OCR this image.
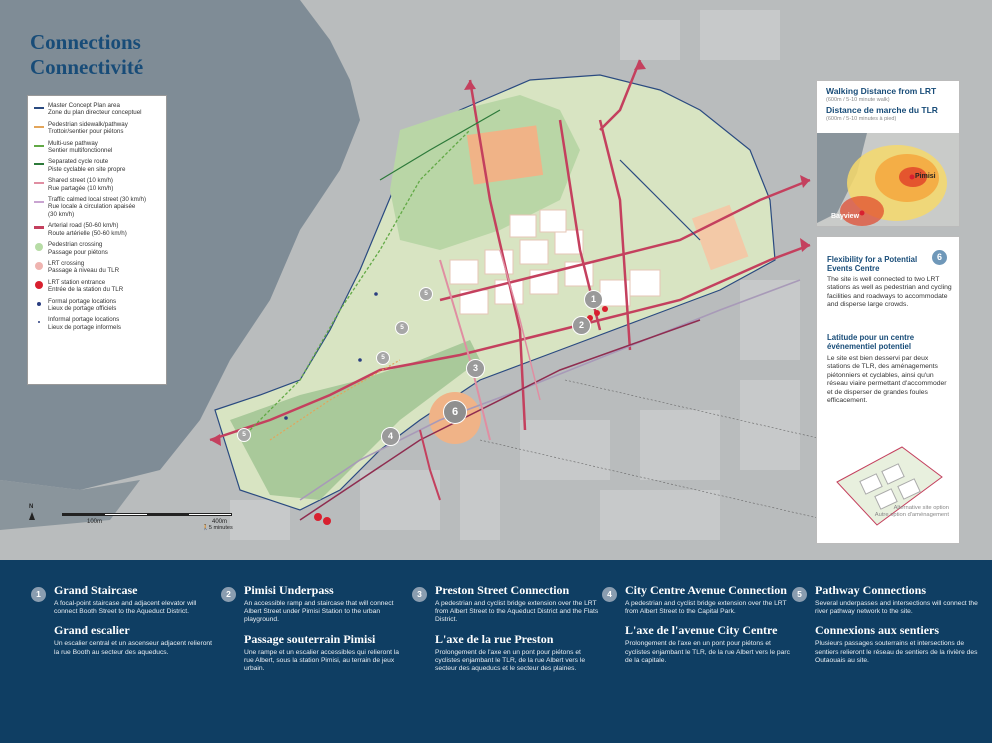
Connections
Connectivité
Master Concept Plan area
Zone du plan directeur conceptuel
Pedestrian sidewalk/pathway
Trottoir/sentier pour piétons
Multi-use pathway
Sentier multifonctionnel
Separated cycle route
Piste cyclable en site propre
Shared street (10 km/h)
Rue partagée (10 km/h)
Traffic calmed local street (30 km/h)
Rue locale à circulation apaisée
(30 km/h)
Arterial road (50-60 km/h)
Route artérielle (50-60 km/h)
Pedestrian crossing
Passage pour piétons
LRT crossing
Passage à niveau du TLR
LRT station entrance
Entrée de la station du TLR
Formal portage locations
Lieux de portage officiels
Informal portage locations
Lieux de portage informels
1
2
3
4
6
5
5
5
5
Walking Distance from LRT
(600m / 5-10 minute walk)
Distance de marche du TLR
(600m / 5-10 minutes à pied)
Pimisi
Bayview
6
Flexibility for a Potential Events Centre
The site is well connected to two LRT stations as well as pedestrian and cycling facilities and roadways to accommodate and disperse large crowds.
Latitude pour un centre événementiel potentiel
Le site est bien desservi par deux stations de TLR, des aménagements piétonniers et cyclables, ainsi qu'un réseau viaire permettant d'accommoder et de disperser de grandes foules efficacement.
Alternative site option
Autre option d'aménagement
N
100m	400m
🚶5 minutes
1	Grand Staircase
A focal-point staircase and adjacent elevator will connect Booth Street to the Aqueduct District.
Grand escalier
Un escalier central et un ascenseur adjacent relieront la rue Booth au secteur des aqueducs.
2	Pimisi Underpass
An accessible ramp and staircase that will connect Albert Street under Pimisi Station to the urban playground.
Passage souterrain Pimisi
Une rampe et un escalier accessibles qui relieront la rue Albert, sous la station Pimisi, au terrain de jeux urbain.
3	Preston Street Connection
A pedestrian and cyclist bridge extension over the LRT from Albert Street to the Aqueduct District and the Flats District.
L'axe de la rue Preston
Prolongement de l'axe en un pont pour piétons et cyclistes enjambant le TLR, de la rue Albert vers le secteur des aqueducs et le secteur des plaines.
4	City Centre Avenue Connection
A pedestrian and cyclist bridge extension over the LRT from Albert Street to the Capital Park.
L'axe de l'avenue City Centre
Prolongement de l'axe en un pont pour piétons et cyclistes enjambant le TLR, de la rue Albert vers le parc de la capitale.
5	Pathway Connections
Several underpasses and intersections will connect the river pathway network to the site.
Connexions aux sentiers
Plusieurs passages souterrains et intersections de sentiers relieront le réseau de sentiers de la rivière des Outaouais au site.
